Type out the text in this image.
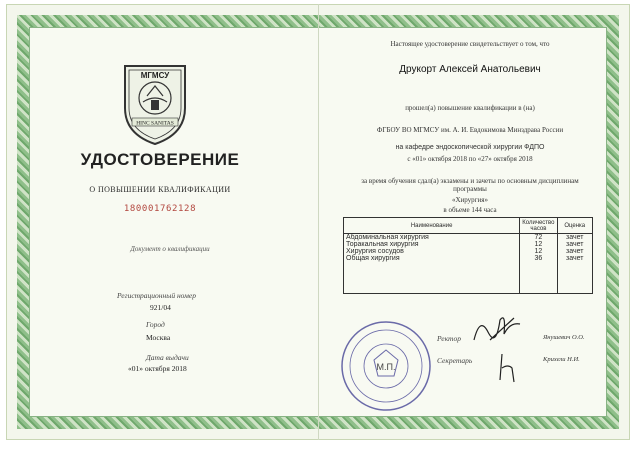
МГМСУ
HINC SANITAS
УДОСТОВЕРЕНИЕ
О ПОВЫШЕНИИ КВАЛИФИКАЦИИ
180001762128
Документ о квалификации
Регистрационный номер
921/04
Город
Москва
Дата выдачи
«01» октября 2018
Настоящее удостоверение свидетельствует о том, что
Друкорт Алексей Анатольевич
прошел(а) повышение квалификации в (на)
ФГБОУ ВО МГМСУ им. А. И. Евдокимова Минздрава России
на кафедре эндоскопической хирургии ФДПО
с «01» октября 2018 по «27» октября 2018
за время обучения сдал(а) экзамены и зачеты по основным дисциплинам
программы
«Хирургия»
в объеме 144 часа
Наименование	Количество часов	Оценка
Абдоминальная хирургия	72	зачет
Торакальная хирургия	12	зачет
Хирургия сосудов	12	зачет
Общая хирургия	36	зачет
М.П.
Ректор	Янушевич О.О.
Секретарь	Крихели Н.И.
